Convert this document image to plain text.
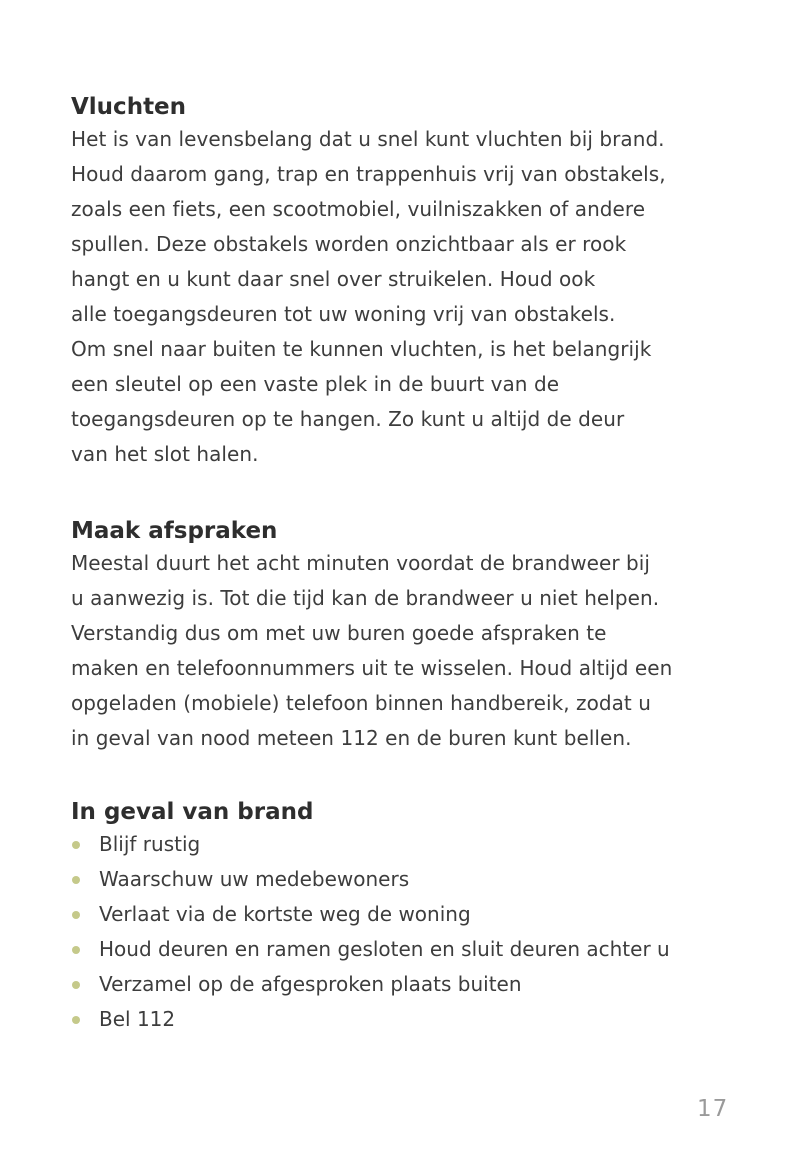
Vluchten
Het is van levensbelang dat u snel kunt vluchten bij brand.
Houd daarom gang, trap en trappenhuis vrij van obstakels,
zoals een fiets, een scootmobiel, vuilniszakken of andere
spullen. Deze obstakels worden onzichtbaar als er rook
hangt en u kunt daar snel over struikelen. Houd ook
alle toegangsdeuren tot uw woning vrij van obstakels.
Om snel naar buiten te kunnen vluchten, is het belangrijk
een sleutel op een vaste plek in de buurt van de
toegangsdeuren op te hangen. Zo kunt u altijd de deur
van het slot halen.
Maak afspraken
Meestal duurt het acht minuten voordat de brandweer bij
u aanwezig is. Tot die tijd kan de brandweer u niet helpen.
Verstandig dus om met uw buren goede afspraken te
maken en telefoonnummers uit te wisselen. Houd altijd een
opgeladen (mobiele) telefoon binnen handbereik, zodat u
in geval van nood meteen 112 en de buren kunt bellen.
In geval van brand
Blijf rustig
Waarschuw uw medebewoners
Verlaat via de kortste weg de woning
Houd deuren en ramen gesloten en sluit deuren achter u
Verzamel op de afgesproken plaats buiten
Bel 112
17
